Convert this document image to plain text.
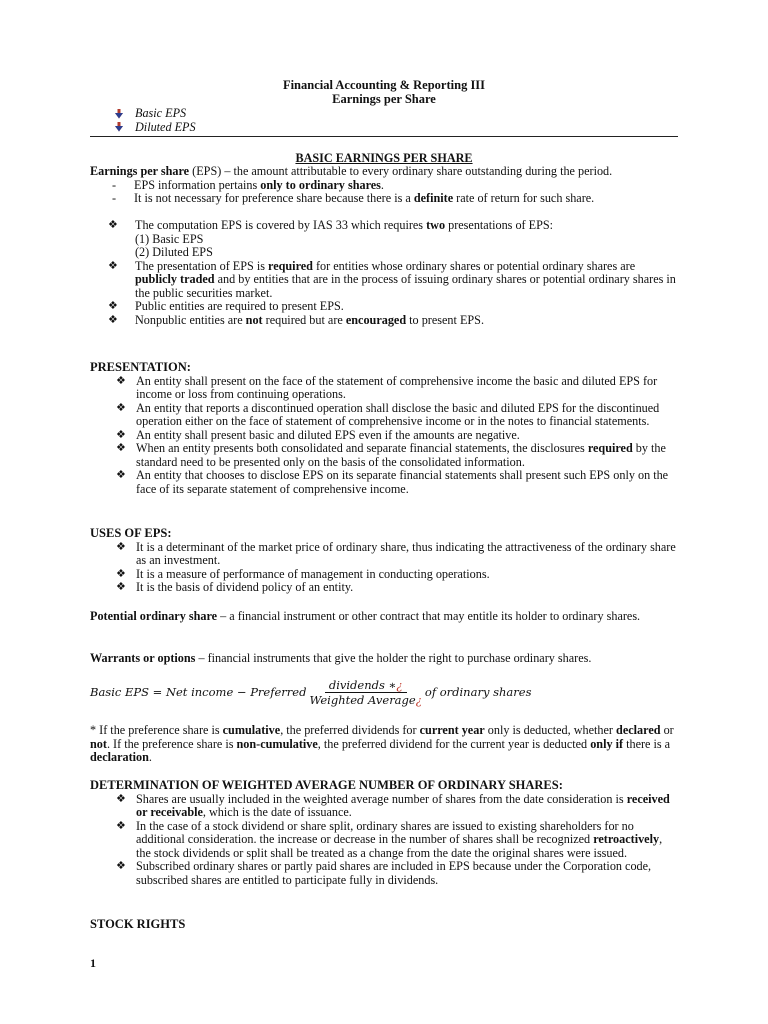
Financial Accounting & Reporting III
Earnings per Share
Basic EPS
Diluted EPS
BASIC EARNINGS PER SHARE

Earnings per share (EPS) – the amount attributable to every ordinary share outstanding during the period.

-	EPS information pertains only to ordinary shares.
-	It is not necessary for preference share because there is a definite rate of return for such share.
❖	The computation EPS is covered by IAS 33 which requires two presentations of EPS:
(1) Basic EPS
(2) Diluted EPS
❖	The presentation of EPS is required for entities whose ordinary shares or potential ordinary shares are publicly traded and by entities that are in the process of issuing ordinary shares or potential ordinary shares in the public securities market.
❖	Public entities are required to present EPS.
❖	Nonpublic entities are not required but are encouraged to present EPS.
PRESENTATION:
❖ An entity shall present on the face of the statement of comprehensive income the basic and diluted EPS for income or loss from continuing operations.
❖ An entity that reports a discontinued operation shall disclose the basic and diluted EPS for the discontinued operation either on the face of statement of comprehensive income or in the notes to financial statements.
❖ An entity shall present basic and diluted EPS even if the amounts are negative.
❖ When an entity presents both consolidated and separate financial statements, the disclosures required by the standard need to be presented only on the basis of the consolidated information.
❖ An entity that chooses to disclose EPS on its separate financial statements shall present such EPS only on the face of its separate statement of comprehensive income.
USES OF EPS:
❖ It is a determinant of the market price of ordinary share, thus indicating the attractiveness of the ordinary share as an investment.
❖ It is a measure of performance of management in conducting operations.
❖ It is the basis of dividend policy of an entity.

Potential ordinary share – a financial instrument or other contract that may entitle its holder to ordinary shares.

Warrants or options – financial instruments that give the holder the right to purchase ordinary shares.

Basic EPS = Net income − Preferred $\frac{\text{dividends ∗¿}}{\text{Weighted Average¿}}$ of ordinary shares

* If the preference share is cumulative, the preferred dividends for current year only is deducted, whether declared or not. If the preference share is non-cumulative, the preferred dividend for the current year is deducted only if there is a declaration.

DETERMINATION OF WEIGHTED AVERAGE NUMBER OF ORDINARY SHARES:
❖ Shares are usually included in the weighted average number of shares from the date consideration is received or receivable, which is the date of issuance.
❖ In the case of a stock dividend or share split, ordinary shares are issued to existing shareholders for no additional consideration. the increase or decrease in the number of shares shall be recognized retroactively, the stock dividends or split shall be treated as a change from the date the original shares were issued.
❖ Subscribed ordinary shares or partly paid shares are included in EPS because under the Corporation code, subscribed shares are entitled to participate fully in dividends.
STOCK RIGHTS
1
